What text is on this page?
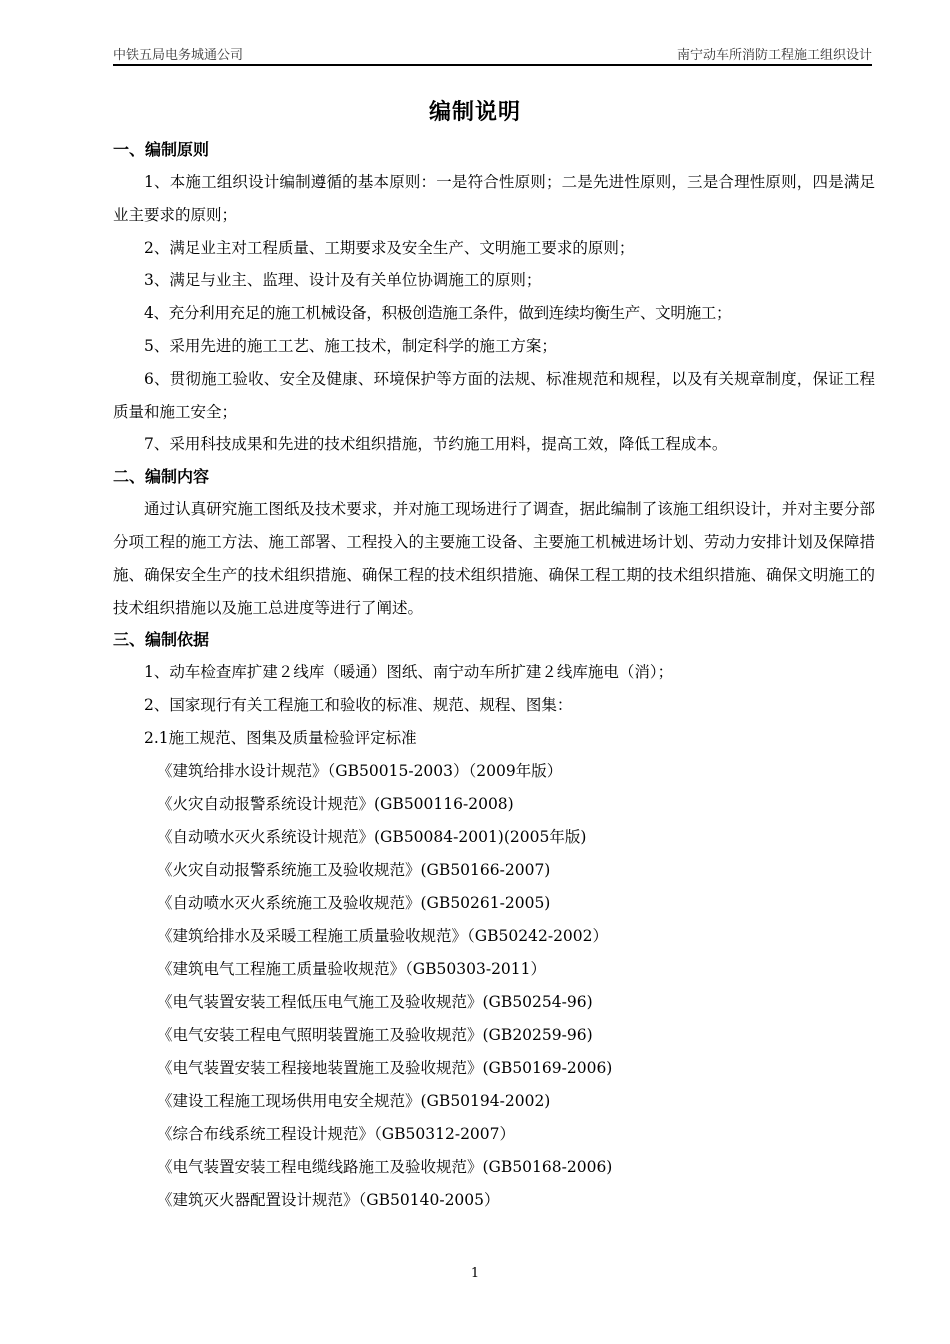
中铁五局电务城通公司	南宁动车所消防工程施工组织设计
编制说明
一、编制原则
1、本施工组织设计编制遵循的基本原则：一是符合性原则；二是先进性原则，三是合理性原则，四是满足业主要求的原则；
2、满足业主对工程质量、工期要求及安全生产、文明施工要求的原则；
3、满足与业主、监理、设计及有关单位协调施工的原则；
4、充分利用充足的施工机械设备，积极创造施工条件，做到连续均衡生产、文明施工；
5、采用先进的施工工艺、施工技术，制定科学的施工方案；
6、贯彻施工验收、安全及健康、环境保护等方面的法规、标准规范和规程，以及有关规章制度，保证工程质量和施工安全；
7、采用科技成果和先进的技术组织措施，节约施工用料，提高工效，降低工程成本。
二、编制内容
通过认真研究施工图纸及技术要求，并对施工现场进行了调查，据此编制了该施工组织设计，并对主要分部分项工程的施工方法、施工部署、工程投入的主要施工设备、主要施工机械进场计划、劳动力安排计划及保障措施、确保安全生产的技术组织措施、确保工程的技术组织措施、确保工程工期的技术组织措施、确保文明施工的技术组织措施以及施工总进度等进行了阐述。
三、编制依据
1、动车检查库扩建２线库（暖通）图纸、南宁动车所扩建２线库施电（消）；
2、国家现行有关工程施工和验收的标准、规范、规程、图集：
2.1施工规范、图集及质量检验评定标准
《建筑给排水设计规范》（GB50015-2003）（2009年版）
《火灾自动报警系统设计规范》(GB500116-2008)
《自动喷水灭火系统设计规范》(GB50084-2001)(2005年版)
《火灾自动报警系统施工及验收规范》(GB50166-2007)
《自动喷水灭火系统施工及验收规范》(GB50261-2005)
《建筑给排水及采暖工程施工质量验收规范》（GB50242-2002）
《建筑电气工程施工质量验收规范》（GB50303-2011）
《电气装置安装工程低压电气施工及验收规范》(GB50254-96)
《电气安装工程电气照明装置施工及验收规范》(GB20259-96)
《电气装置安装工程接地装置施工及验收规范》(GB50169-2006)
《建设工程施工现场供用电安全规范》(GB50194-2002)
《综合布线系统工程设计规范》（GB50312-2007）
《电气装置安装工程电缆线路施工及验收规范》(GB50168-2006)
《建筑灭火器配置设计规范》（GB50140-2005）
1
